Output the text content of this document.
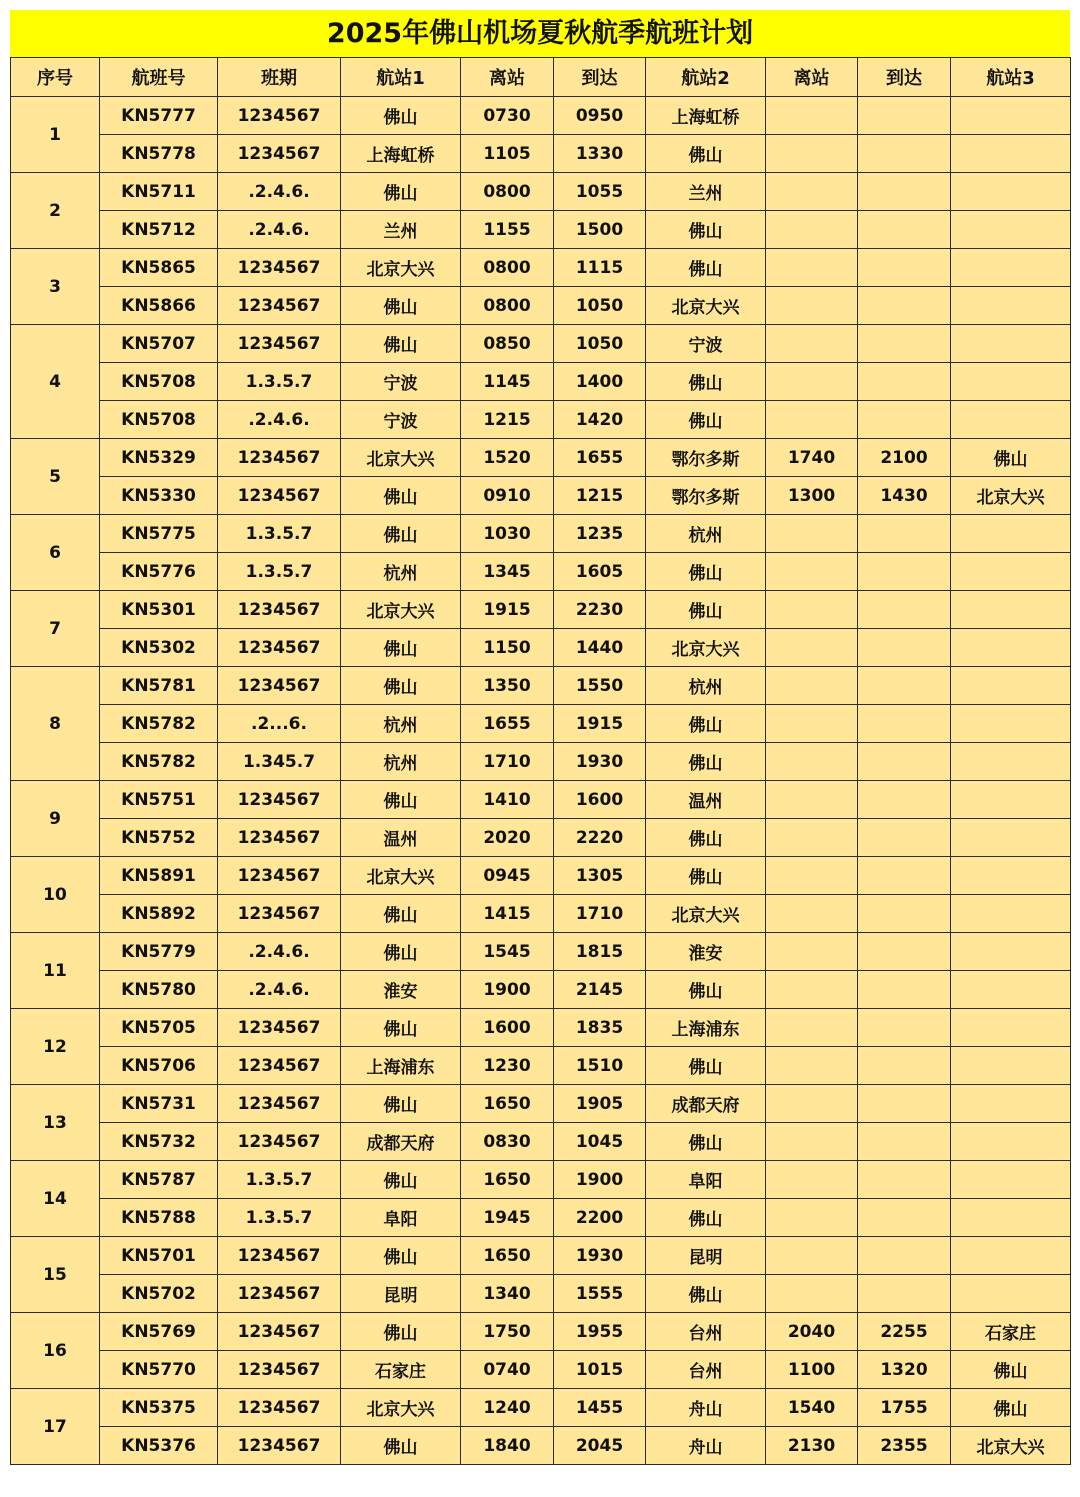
2025年佛山机场夏秋航季航班计划
序号	航班号	班期	航站1	离站	到达	航站2	离站	到达	航站3
1	KN5777	1234567	佛山	0730	0950	上海虹桥			
	KN5778	1234567	上海虹桥	1105	1330	佛山			
2	KN5711	.2.4.6.	佛山	0800	1055	兰州			
	KN5712	.2.4.6.	兰州	1155	1500	佛山			
3	KN5865	1234567	北京大兴	0800	1115	佛山			
	KN5866	1234567	佛山	0800	1050	北京大兴			
4	KN5707	1234567	佛山	0850	1050	宁波			
	KN5708	1.3.5.7	宁波	1145	1400	佛山			
	KN5708	.2.4.6.	宁波	1215	1420	佛山			
5	KN5329	1234567	北京大兴	1520	1655	鄂尔多斯	1740	2100	佛山
	KN5330	1234567	佛山	0910	1215	鄂尔多斯	1300	1430	北京大兴
6	KN5775	1.3.5.7	佛山	1030	1235	杭州			
	KN5776	1.3.5.7	杭州	1345	1605	佛山			
7	KN5301	1234567	北京大兴	1915	2230	佛山			
	KN5302	1234567	佛山	1150	1440	北京大兴			
8	KN5781	1234567	佛山	1350	1550	杭州			
	KN5782	.2...6.	杭州	1655	1915	佛山			
	KN5782	1.345.7	杭州	1710	1930	佛山			
9	KN5751	1234567	佛山	1410	1600	温州			
	KN5752	1234567	温州	2020	2220	佛山			
10	KN5891	1234567	北京大兴	0945	1305	佛山			
	KN5892	1234567	佛山	1415	1710	北京大兴			
11	KN5779	.2.4.6.	佛山	1545	1815	淮安			
	KN5780	.2.4.6.	淮安	1900	2145	佛山			
12	KN5705	1234567	佛山	1600	1835	上海浦东			
	KN5706	1234567	上海浦东	1230	1510	佛山			
13	KN5731	1234567	佛山	1650	1905	成都天府			
	KN5732	1234567	成都天府	0830	1045	佛山			
14	KN5787	1.3.5.7	佛山	1650	1900	阜阳			
	KN5788	1.3.5.7	阜阳	1945	2200	佛山			
15	KN5701	1234567	佛山	1650	1930	昆明			
	KN5702	1234567	昆明	1340	1555	佛山			
16	KN5769	1234567	佛山	1750	1955	台州	2040	2255	石家庄
	KN5770	1234567	石家庄	0740	1015	台州	1100	1320	佛山
17	KN5375	1234567	北京大兴	1240	1455	舟山	1540	1755	佛山
	KN5376	1234567	佛山	1840	2045	舟山	2130	2355	北京大兴
